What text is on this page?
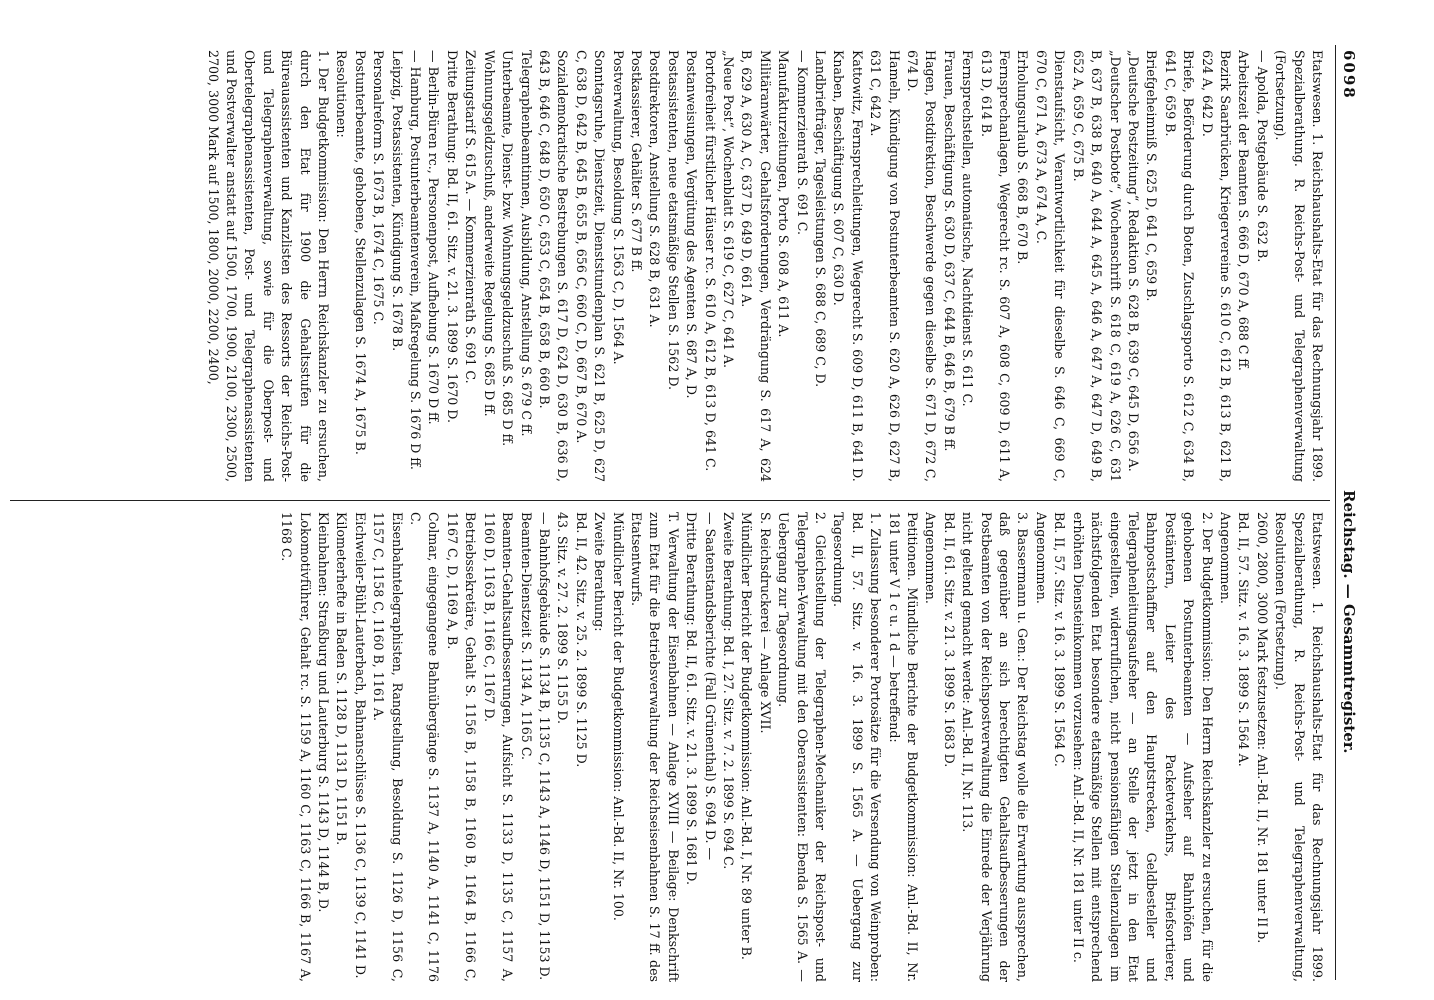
6098
Reichstag. — Gesammtregister.

Etatswesen. 1. Reichshaushalts-Etat für das Rechnungsjahr 1899. Spezialberathung. R. Reichs-Post- und Telegraphenverwaltung (Fortsetzung).

— Apolda, Postgebäude S. 632 B.

Arbeitszeit der Beamten S. 666 D, 670 A, 688 C ff.

Bezirk Saarbrücken, Kriegervereine S. 610 C, 612 B, 613 B, 621 B, 624 A, 642 D.

Briefe, Beförderung durch Boten, Zuschlagsporto S. 612 C, 634 B, 641 C, 659 B.

Briefgeheimniß S. 625 D, 641 C, 659 B.

„Deutsche Postzeitung“, Redaktion S. 628 B, 639 C, 645 D, 656 A.

„Deutscher Postbote“, Wochenschrift S. 618 C, 619 A, 626 C, 631 B, 637 B, 638 B, 640 A, 644 A, 645 A, 646 A, 647 A, 647 D, 649 B, 652 A, 659 C, 675 B.

Dienstaufsicht, Verantwortlichkeit für dieselbe S. 646 C, 669 C, 670 C, 671 A, 673 A, 674 A, C.

Erholungsurlaub S. 668 B, 670 B.

Fernsprechanlagen, Wegerecht rc. S. 607 A, 608 C, 609 D, 611 A, 613 D, 614 B.

Fernsprechstellen, automatische, Nachtdienst S. 611 C.

Frauen, Beschäftigung S. 630 D, 637 C, 644 B, 646 B, 679 B ff.

Hagen, Postdirektion, Beschwerde gegen dieselbe S. 671 D, 672 C, 674 D.

Hameln, Kündigung von Postunterbeamten S. 620 A, 626 D, 627 B, 631 C, 642 A.

Kattowitz, Fernsprechleitungen, Wegerecht S. 609 D, 611 B, 641 D.

Knaben, Beschäftigung S. 607 C, 630 D.

Landbriefträger, Tagesleistungen S. 688 C, 689 C, D.

— Kommerzienrath S. 691 C.

Manufakturzeitungen, Porto S. 608 A, 611 A.

Militäranwärter, Gehaltsforderungen, Verdrängung S. 617 A, 624 B, 629 A, 630 A, C, 637 D, 649 D, 661 A.

„Neue Post“, Wochenblatt S. 619 C, 627 C, 641 A.

Portofreiheit fürstlicher Häuser rc. S. 610 A, 612 B, 613 D, 641 C.

Postanweisungen, Vergütung des Agenten S. 687 A, D.

Postassistenten, neue etatsmäßige Stellen S. 1562 D.

Postdirektoren, Anstellung S. 628 B, 631 A.

Postkassierer, Gehälter S. 677 B ff.

Postverwaltung, Besoldung S. 1563 C, D, 1564 A.

Sonntagsruhe, Dienstzeit, Dienststundenplan S. 621 B, 625 D, 627 C, 638 D, 642 B, 645 B, 655 B, 656 C, 660 C, D, 667 B, 670 A.

Sozialdemokratische Bestrebungen S. 617 D, 624 D, 630 B, 636 D, 643 B, 646 C, 648 D, 650 C, 653 C, 654 B, 658 B, 660 B.

Telegraphenbeamtinnen, Ausbildung, Anstellung S. 679 C ff.

Unterbeamte, Dienst- bzw. Wohnungsgeldzuschuß S. 685 D ff.

Wohnungsgeldzuschuß, anderweite Regelung S. 685 D ff.

Zeitungstarif S. 615 A. — Kommerzienrath S. 691 C.

Dritte Berathung: Bd. II, 61. Sitz. v. 21. 3. 1899 S. 1670 D.

— Berlin-Büren rc., Personenpost, Aufhebung S. 1670 D ff.

— Hamburg, Postunterbeamtenverein, Maßregelung S. 1676 D ff.

Leipzig, Postassistenten, Kündigung S. 1678 B.

Personalreform S. 1673 B, 1674 C, 1675 C.

Postunterbeamte, gehobene, Stellenzulagen S. 1674 A, 1675 B.

Resolutionen:

1. Der Budgetkommission: Den Herrn Reichskanzler zu ersuchen, durch den Etat für 1900 die Gehaltsstufen für die Büreauassistenten und Kanzlisten des Ressorts der Reichs-Post- und Telegraphenverwaltung, sowie für die Oberpost- und Obertelegraphenassistenten, Post- und Telegraphenassistenten und Postverwalter anstatt auf 1500, 1700, 1900, 2100, 2300, 2500, 2700, 3000 Mark auf 1500, 1800, 2000, 2200, 2400,

Etatswesen. 1. Reichshaushalts-Etat für das Rechnungsjahr 1899. Spezialberathung, R. Reichs-Post- und Telegraphenverwaltung, Resolutionen (Fortsetzung).

2600, 2800, 3000 Mark festzusetzen: Anl.-Bd. II, Nr. 181 unter II b.

Bd. II, 57. Sitz. v. 16. 3. 1899 S. 1564 A.

Angenommen.

2. Der Budgetkommission: Den Herrn Reichskanzler zu ersuchen, für die gehobenen Postunterbeamten — Aufseher auf Bahnhöfen und Postämtern, Leiter des Packetverkehrs, Briefsortierer, Bahnpostschaffner auf den Hauptstrecken, Geldbesteller und Telegraphenleitungsaufseher — an Stelle der jetzt in den Etat eingestellten, widerruflichen, nicht pensionsfähigen Stellenzulagen im nächstfolgenden Etat besondere etatsmäßige Stellen mit entsprechend erhöhten Diensteinkommen vorzusehen: Anl.-Bd. II, Nr. 181 unter II c.

Bd. II, 57. Sitz. v. 16. 3. 1899 S. 1564 C.

Angenommen.

3. Bassermann u. Gen.: Der Reichstag wolle die Erwartung aussprechen, daß gegenüber an sich berechtigten Gehaltsaufbesserungen der Postbeamten von der Reichspostverwaltung die Einrede der Verjährung nicht geltend gemacht werde: Anl.-Bd. II, Nr. 113.

Bd. II, 61. Sitz. v. 21. 3. 1899 S. 1683 D.

Angenommen.

Petitionen. Mündliche Berichte der Budgetkommission: Anl.-Bd. II, Nr. 181 unter V 1 c u. 1 d — betreffend:

1. Zulassung besonderer Portosätze für die Versendung von Weinproben: Bd. II, 57. Sitz. v. 16. 3. 1899 S. 1565 A. — Uebergang zur Tagesordnung.

2. Gleichstellung der Telegraphen-Mechaniker der Reichspost- und Telegraphen-Verwaltung mit den Oberassistenten: Ebenda S. 1565 A. — Uebergang zur Tagesordnung.

S. Reichsdruckerei — Anlage XVII.

Mündlicher Bericht der Budgetkommission: Anl.-Bd. I, Nr. 89 unter B.

Zweite Berathung: Bd. I, 27. Sitz. v. 7. 2. 1899 S. 694 C.

— Saatenstandsberichte (Fall Grünenthal) S. 694 D. —

Dritte Berathung: Bd. II, 61. Sitz. v. 21. 3. 1899 S. 1681 D.

T. Verwaltung der Eisenbahnen — Anlage XVIII — Beilage: Denkschrift zum Etat für die Betriebsverwaltung der Reichseisenbahnen S. 17 ff. des Etatsentwurfs.

Mündlicher Bericht der Budgetkommission: Anl.-Bd. II, Nr. 100.

Zweite Berathung:

Bd. II, 42. Sitz. v. 25. 2. 1899 S. 1125 D.

43. Sitz. v. 27. 2. 1899 S. 1155 D.

— Bahnhofsgebäude S. 1134 B, 1135 C, 1143 A, 1146 D, 1151 D, 1153 D.

Beamten-Dienstzeit S. 1134 A, 1165 C.

Beamten-Gehaltsaufbesserungen, Aufsicht S. 1133 D, 1135 C, 1157 A, 1160 D, 1163 B, 1166 C, 1167 D.

Betriebssekretäre, Gehalt S. 1156 B, 1158 B, 1160 B, 1164 B, 1166 C, 1167 C, D, 1169 A, B.

Colmar, eingegangene Bahnübergänge S. 1137 A, 1140 A, 1141 C, 1176 C.

Eisenbahntelegraphisten, Rangstellung, Besoldung S. 1126 D, 1156 C, 1157 C, 1158 C, 1160 B, 1161 A.

Eichweiler-Bühl-Lauterbach, Bahnanschlüsse S. 1136 C, 1139 C, 1141 D.

Kilometerhefte in Baden S. 1128 D, 1131 D, 1151 B.

Kleinbahnen: Straßburg und Lauterburg S. 1143 D, 1144 B, D.

Lokomotivführer, Gehalt rc. S. 1159 A, 1160 C, 1163 C, 1166 B, 1167 A, 1168 C.
